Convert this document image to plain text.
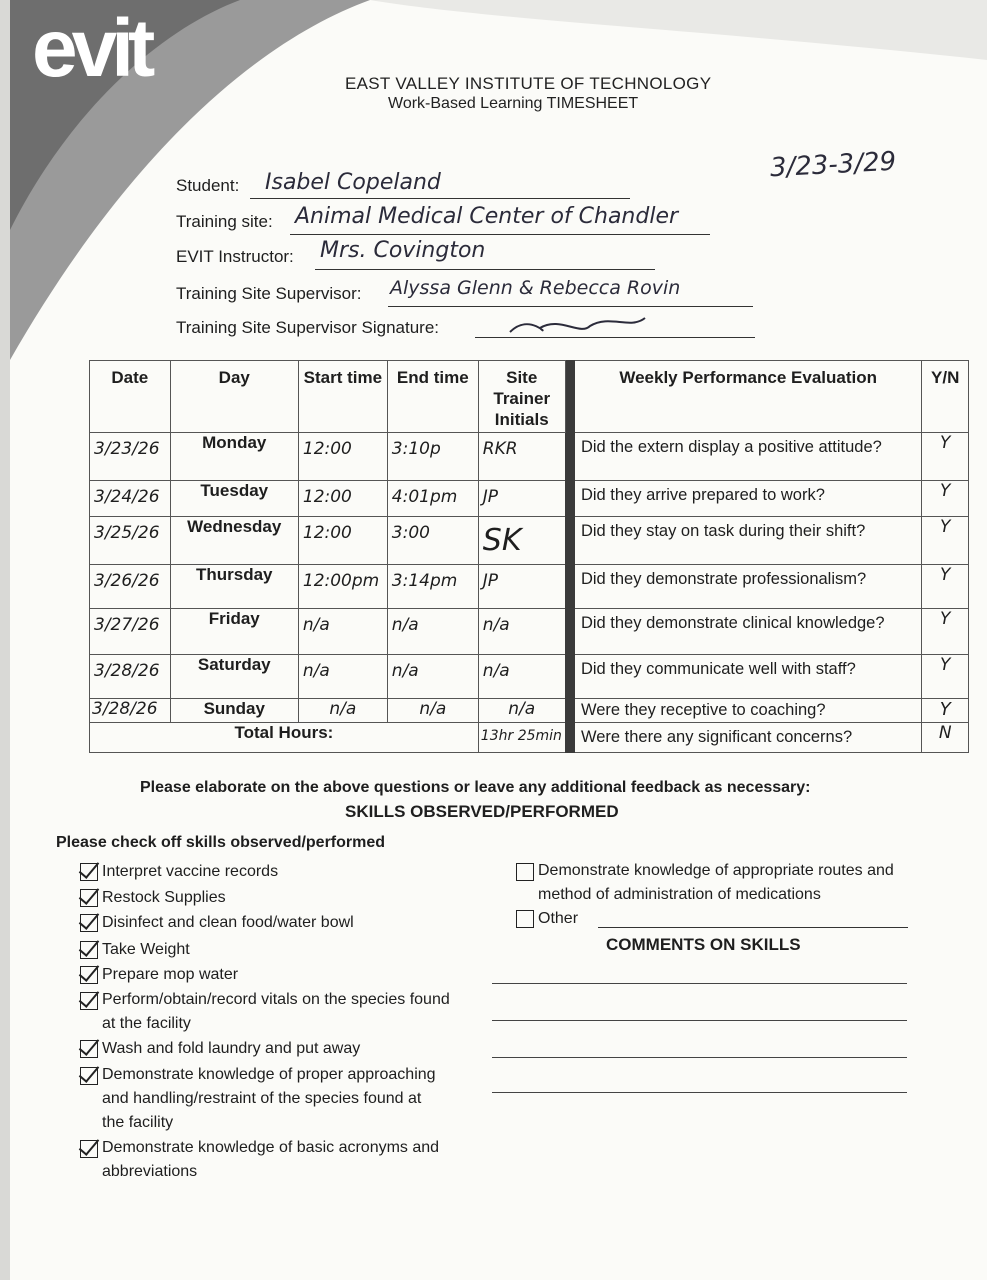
evit	EAST VALLEY INSTITUTE OF TECHNOLOGY
Work-Based Learning TIMESHEET
3/23-3/29
Student: Isabel Copeland
Training site: Animal Medical Center of Chandler
EVIT Instructor: Mrs. Covington
Training Site Supervisor: Alyssa Glenn & Rebecca Rovin
Training Site Supervisor Signature:
Date	Day	Start time	End time	Site Trainer Initials		Weekly Performance Evaluation	Y/N
3/23/26	Monday	12:00	3:10p	RKR		Did the extern display a positive attitude?	Y
3/24/26	Tuesday	12:00	4:01pm	JP		Did they arrive prepared to work?	Y
3/25/26	Wednesday	12:00	3:00	SK		Did they stay on task during their shift?	Y
3/26/26	Thursday	12:00pm	3:14pm	JP		Did they demonstrate professionalism?	Y
3/27/26	Friday	n/a	n/a	n/a		Did they demonstrate clinical knowledge?	Y
3/28/26	Saturday	n/a	n/a	n/a		Did they communicate well with staff?	Y
3/28/26	Sunday	n/a	n/a	n/a		Were they receptive to coaching?	Y
Total Hours:				13hr 25min		Were there any significant concerns?	N
Please elaborate on the above questions or leave any additional feedback as necessary:
SKILLS OBSERVED/PERFORMED
Please check off skills observed/performed
Interpret vaccine records
Restock Supplies
Disinfect and clean food/water bowl
Take Weight
Prepare mop water
Perform/obtain/record vitals on the species found at the facility
Wash and fold laundry and put away
Demonstrate knowledge of proper approaching and handling/restraint of the species found at the facility
Demonstrate knowledge of basic acronyms and abbreviations
Demonstrate knowledge of appropriate routes and method of administration of medications
Other
COMMENTS ON SKILLS
